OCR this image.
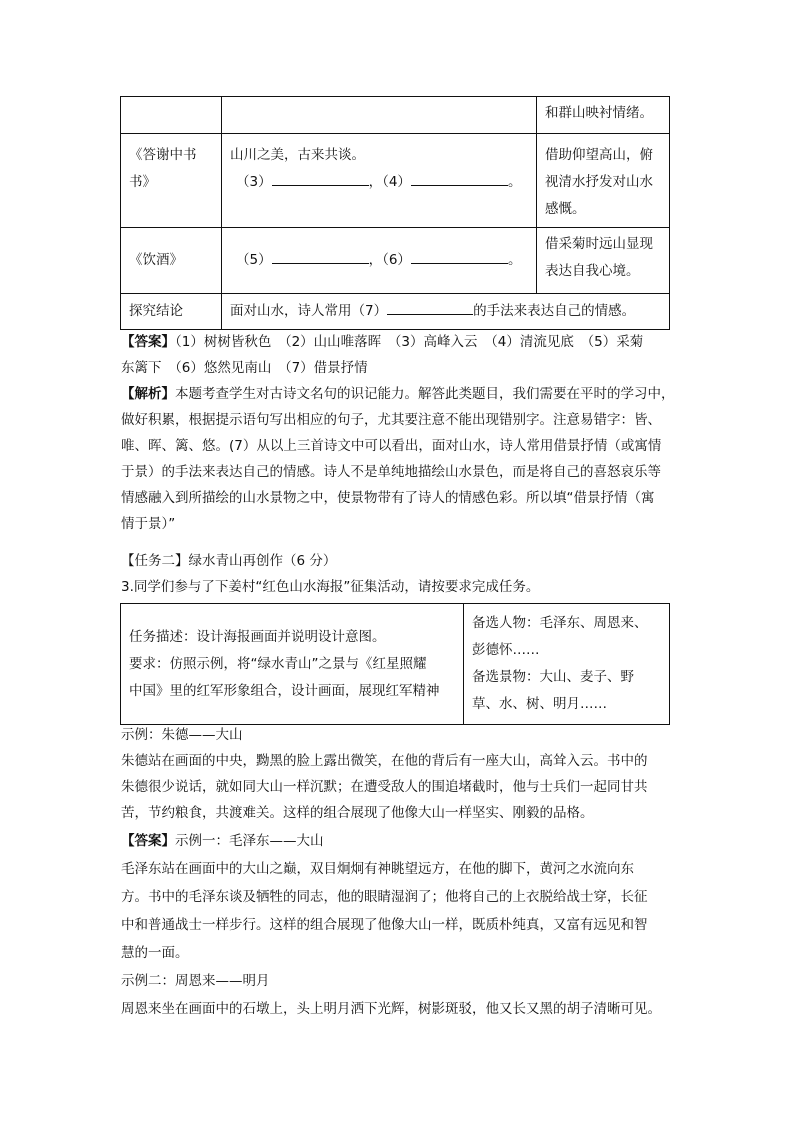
		和群山映衬情绪。

《答谢中书书》	山川之美，古来共谈。
（3） ，（4） 。	借助仰望高山，俯视清水抒发对山水感慨。

《饮酒》	（5） ，（6） 。	借采菊时远山显现表达自我心境。

探究结论	面对山水，诗人常用（7） 的手法来表达自己的情感。	
【答案】（1）树树皆秋色　（2）山山唯落晖　（3）高峰入云　（4）清流见底　（5）采菊
东篱下　（6）悠然见南山　（7）借景抒情
【解析】本题考查学生对古诗文名句的识记能力。解答此类题目，我们需要在平时的学习中，
做好积累，根据提示语句写出相应的句子，尤其要注意不能出现错别字。注意易错字：皆、
唯、晖、篱、悠。(7）从以上三首诗文中可以看出，面对山水，诗人常用借景抒情（或寓情
于景）的手法来表达自己的情感。诗人不是单纯地描绘山水景色，而是将自己的喜怒哀乐等
情感融入到所描绘的山水景物之中，使景物带有了诗人的情感色彩。所以填“借景抒情（寓
情于景）”
【任务二】绿水青山再创作（6 分）
3.同学们参与了下姜村“红色山水海报”征集活动，请按要求完成任务。
任务描述：设计海报画面并说明设计意图。
要求：仿照示例，将“绿水青山”之景与《红星照耀
中国》里的红军形象组合，设计画面，展现红军精神

备选人物：毛泽东、周恩来、
彭德怀……
备选景物：大山、麦子、野
草、水、树、明月……
示例：朱德——大山
朱德站在画面的中央，黝黑的脸上露出微笑，在他的背后有一座大山，高耸入云。书中的
朱德很少说话，就如同大山一样沉默；在遭受敌人的围追堵截时，他与士兵们一起同甘共
苦，节约粮食，共渡难关。这样的组合展现了他像大山一样坚实、刚毅的品格。
【答案】示例一：毛泽东——大山
毛泽东站在画面中的大山之巅，双目炯炯有神眺望远方，在他的脚下，黄河之水流向东
方。书中的毛泽东谈及牺牲的同志，他的眼睛湿润了；他将自己的上衣脱给战士穿，长征
中和普通战士一样步行。这样的组合展现了他像大山一样，既质朴纯真，又富有远见和智
慧的一面。
示例二：周恩来——明月
周恩来坐在画面中的石墩上，头上明月洒下光辉，树影斑驳，他又长又黑的胡子清晰可见。
